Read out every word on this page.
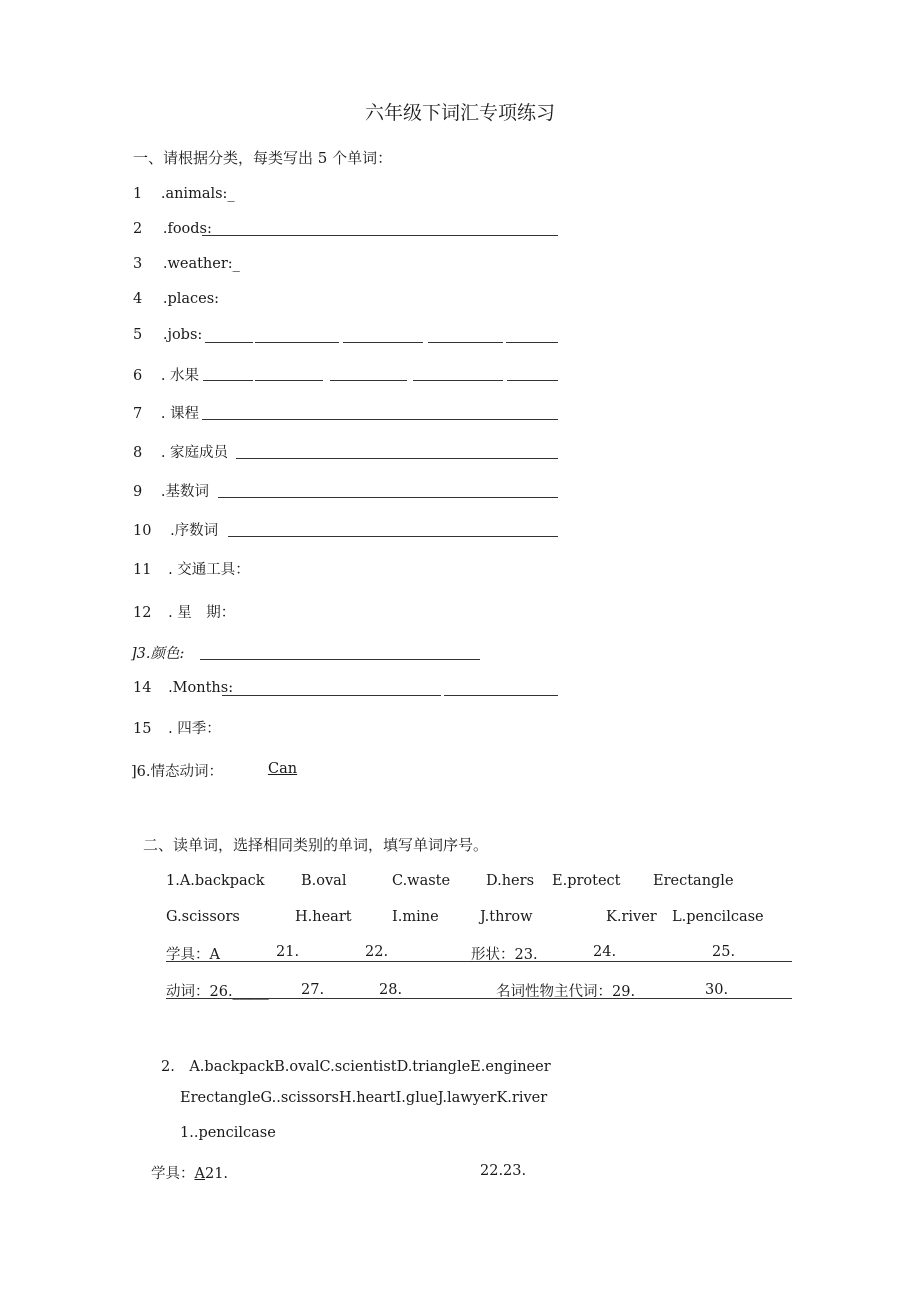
六年级下词汇专项练习
一、请根据分类，每类写出 5 个单词：
1 .animals:_
2 .foods:
3 .weather:_
4 .places:
5 .jobs:
6 . 水果
7 . 课程
8 . 家庭成员
9 .基数词
10 .序数词
11 . 交通工具：
12 . 星　期：
]3.颜色:
14 .Months:
15 . 四季：
]6.情态动词：	Can
二、读单词，选择相同类别的单词，填写单词序号。
1.A.backpack	B.oval	C.waste D.hers E.protect Erectangle
G.scissors	H.heart	I.mine	J.throw	K.river L.pencilcase
学具：A	21.	22.	形状：23.	24.	25.
动词：26._____ 27.	28.	名词性物主代词：29.	30.
2.　A.backpackB.ovalC.scientistD.triangleE.engineer
ErectangleG..scissorsH.heartI.glueJ.lawyerK.river
1..pencilcase
学具：A21.	22.23.
